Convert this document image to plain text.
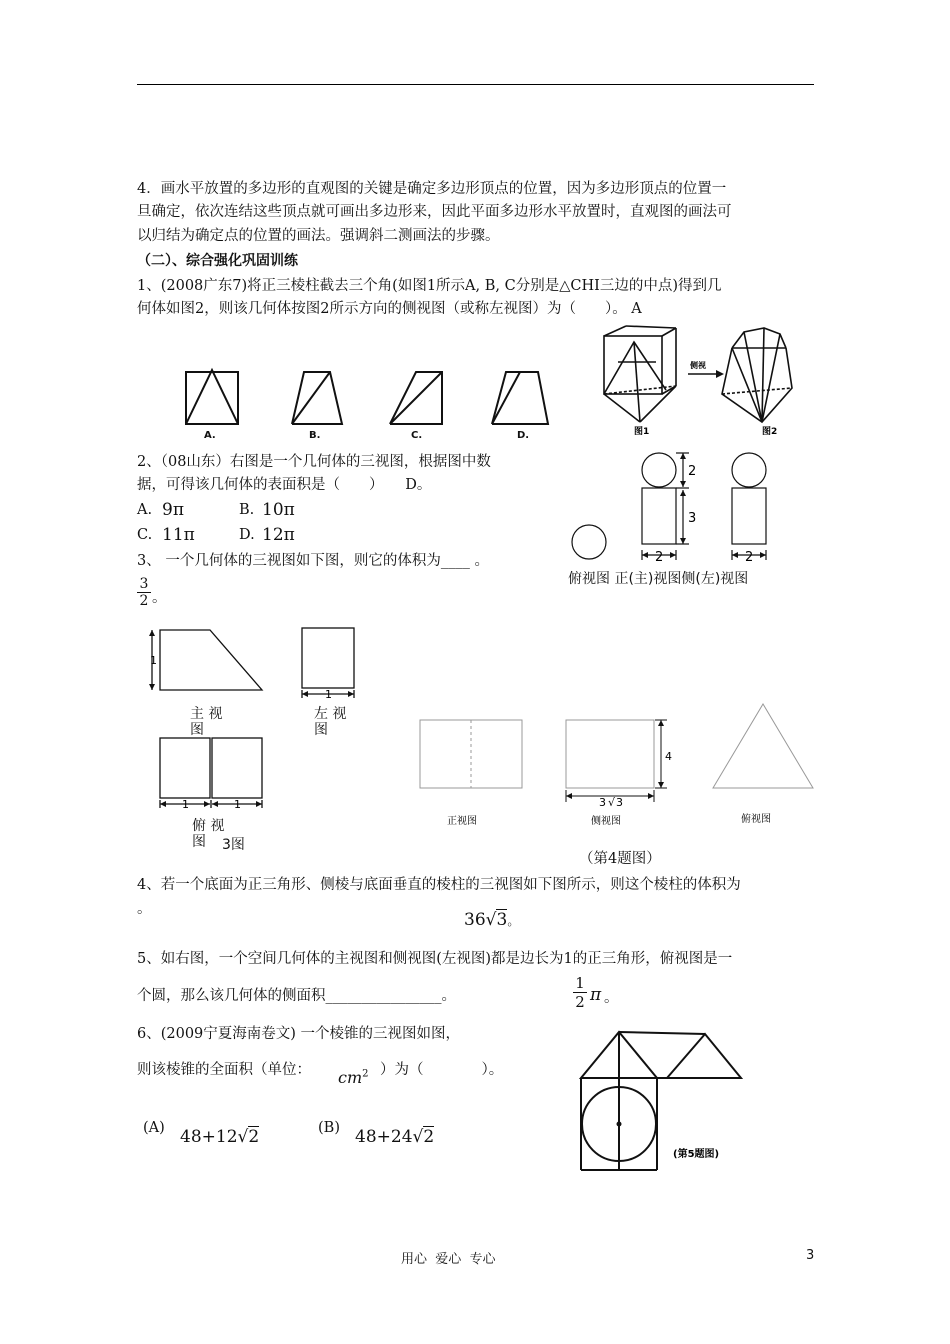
4．画水平放置的多边形的直观图的关键是确定多边形顶点的位置，因为多边形顶点的位置一
旦确定，依次连结这些顶点就可画出多边形来，因此平面多边形水平放置时，直观图的画法可
以归结为确定点的位置的画法。强调斜二测画法的步骤。
（二）、综合强化巩固训练
1、(2008广东7)将正三棱柱截去三个角(如图1所示A, B, C分别是△CHI三边的中点)得到几
何体如图2，则该几何体按图2所示方向的侧视图（或称左视图）为（　　）。 A
A.	B.	C.	D.	图1
侧视
图2
2、（08山东）右图是一个几何体的三视图，根据图中数
据，可得该几何体的表面积是（　　）　　D。
A. 9π	B. 10π
C. 11π	D. 12π
2
3
2	2
俯视图 正(主)视图侧(左)视图
3、 一个几何体的三视图如下图，则它的体积为____ 。
$\frac{3}{2}$ 。
1
1
1	1
主 视
图
左 视
图
俯 视
图	3图
4
3 √ 3
正视图	侧视图	俯视图
（第4题图）
4、若一个底面为正三角形、侧棱与底面垂直的棱柱的三视图如下图所示，则这个棱柱的体积为
。
36√3。
5、如右图，一个空间几何体的主视图和侧视图(左视图)都是边长为1的正三角形，俯视图是一
个圆，那么该几何体的侧面积________________。
1
2 π 。
6、(2009宁夏海南卷文) 一个棱锥的三视图如图，
则该棱锥的全面积（单位： $cm^2$ ）为（　　　　）。
(A) 48+12√2	(B) 48+24√2
(第5题图)
用心  爱心  专心	3
